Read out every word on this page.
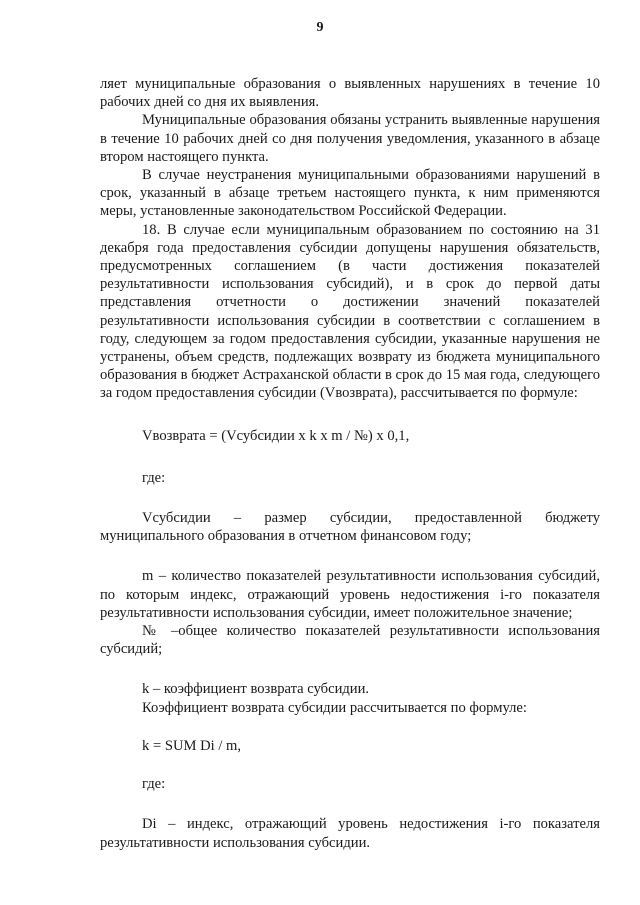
9

ляет муниципальные образования о выявленных нарушениях в течение 10 рабочих дней со дня их выявления.

Муниципальные образования обязаны устранить выявленные нарушения в течение 10 рабочих дней со дня получения уведомления, указанного в абзаце втором настоящего пункта.

В случае неустранения муниципальными образованиями нарушений в срок, указанный в абзаце третьем настоящего пункта, к ним применяются меры, установленные законодательством Российской Федерации.

18. В случае если муниципальным образованием по состоянию на 31 декабря года предоставления субсидии допущены нарушения обязательств, предусмотренных соглашением (в части достижения показателей результативности использования субсидий), и в срок до первой даты представления отчетности о достижении значений показателей результативности использования субсидии в соответствии с соглашением в году, следующем за годом предоставления субсидии, указанные нарушения не устранены, объем средств, подлежащих возврату из бюджета муниципального образования в бюджет Астраханской области в срок до 15 мая года, следующего за годом предоставления субсидии (Vвозврата), рассчитывается по формуле:

Vвозврата = (Vсубсидии x k x m / №) x 0,1,

где:

Vсубсидии – размер субсидии, предоставленной бюджету муниципального образования в отчетном финансовом году;

m – количество показателей результативности использования субсидий, по которым индекс, отражающий уровень недостижения i-го показателя результативности использования субсидии, имеет положительное значение;

№ –общее количество показателей результативности использования субсидий;

k – коэффициент возврата субсидии.

Коэффициент возврата субсидии рассчитывается по формуле:

k = SUM Di / m,

где:

Di – индекс, отражающий уровень недостижения i-го показателя результативности использования субсидии.
